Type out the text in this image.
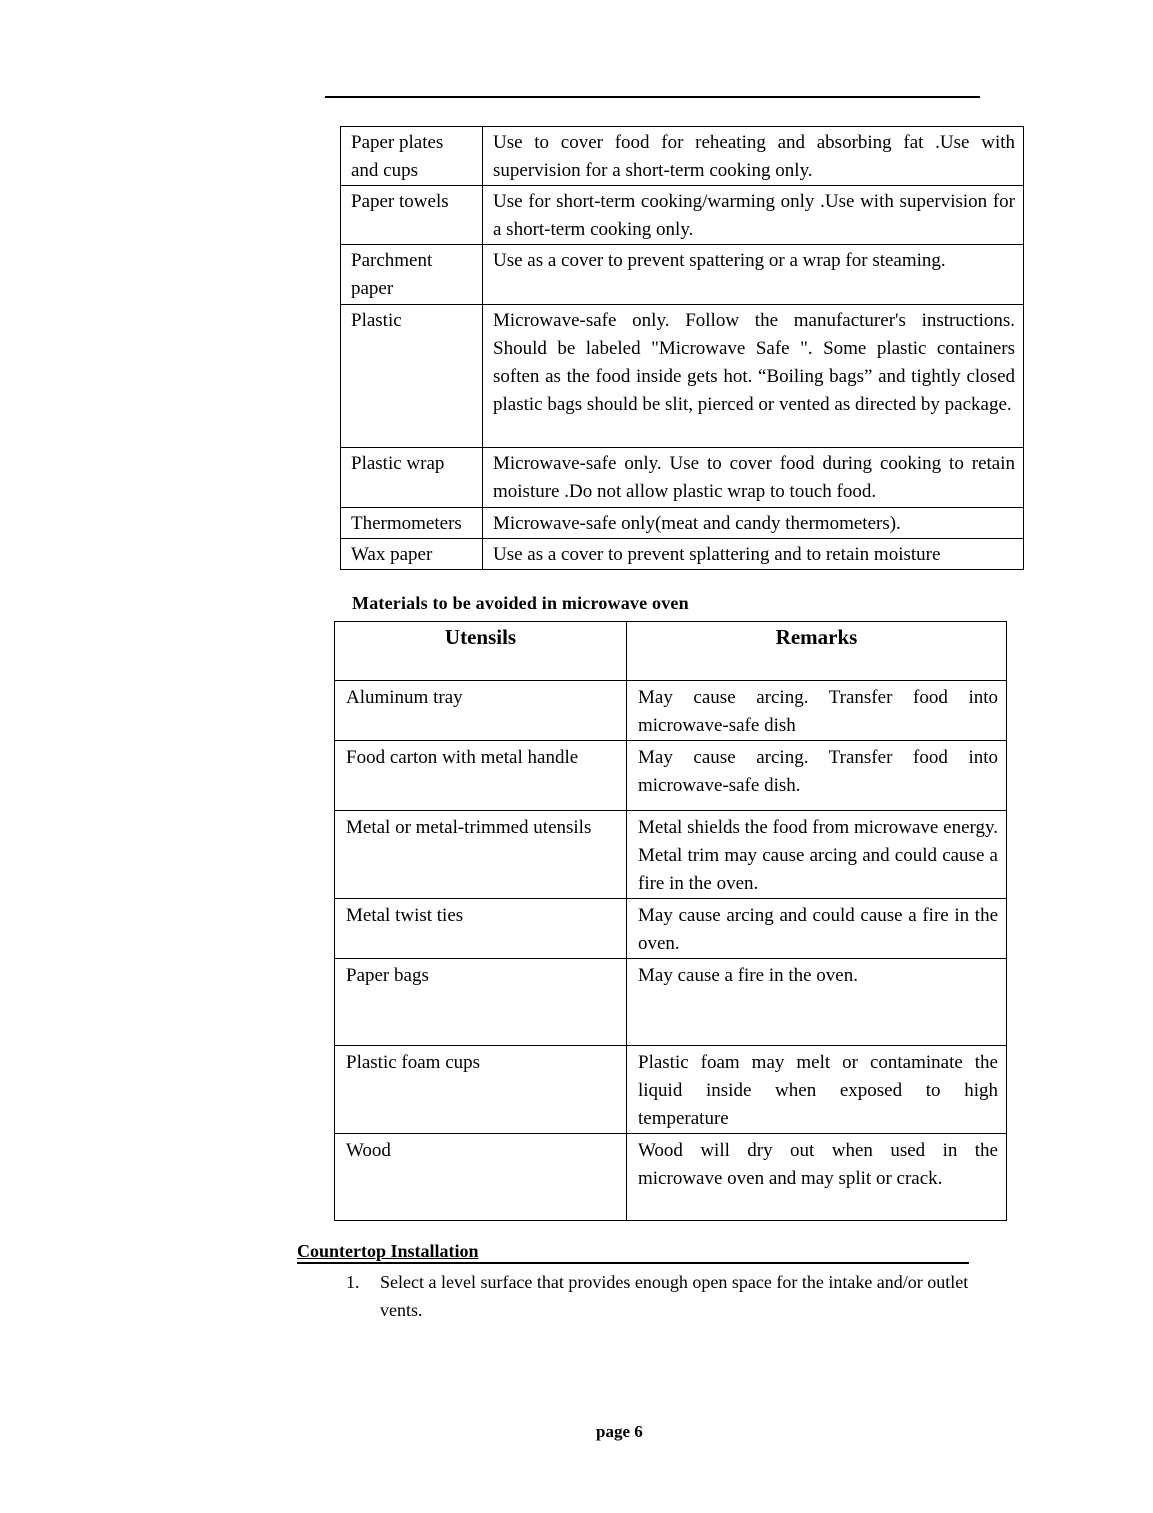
Paper plates and cups	Use to cover food for reheating and absorbing fat .Use with supervision for a short-term cooking only.
Paper towels	Use for short-term cooking/warming only .Use with supervision for a short-term cooking only.
Parchment paper	Use as a cover to prevent spattering or a wrap for steaming.
Plastic	Microwave-safe only. Follow the manufacturer's instructions. Should be labeled "Microwave Safe ". Some plastic containers soften as the food inside gets hot. “Boiling bags” and tightly closed plastic bags should be slit, pierced or vented as directed by package.
Plastic wrap	Microwave-safe only. Use to cover food during cooking to retain moisture .Do not allow plastic wrap to touch food.
Thermometers	Microwave-safe only(meat and candy thermometers).
Wax paper	Use as a cover to prevent splattering and to retain moisture
Materials to be avoided in microwave oven
Utensils	Remarks
Aluminum tray	May cause arcing. Transfer food into microwave-safe dish
Food carton with metal handle	May cause arcing. Transfer food into microwave-safe dish.
Metal or metal-trimmed utensils	Metal shields the food from microwave energy. Metal trim may cause arcing and could cause a fire in the oven.
Metal twist ties	May cause arcing and could cause a fire in the oven.
Paper bags	May cause a fire in the oven.
Plastic foam cups	Plastic foam may melt or contaminate the liquid inside when exposed to high temperature
Wood	Wood will dry out when used in the microwave oven and may split or crack.
Countertop Installation
1. Select a level surface that provides enough open space for the intake and/or outlet vents.
page 6
